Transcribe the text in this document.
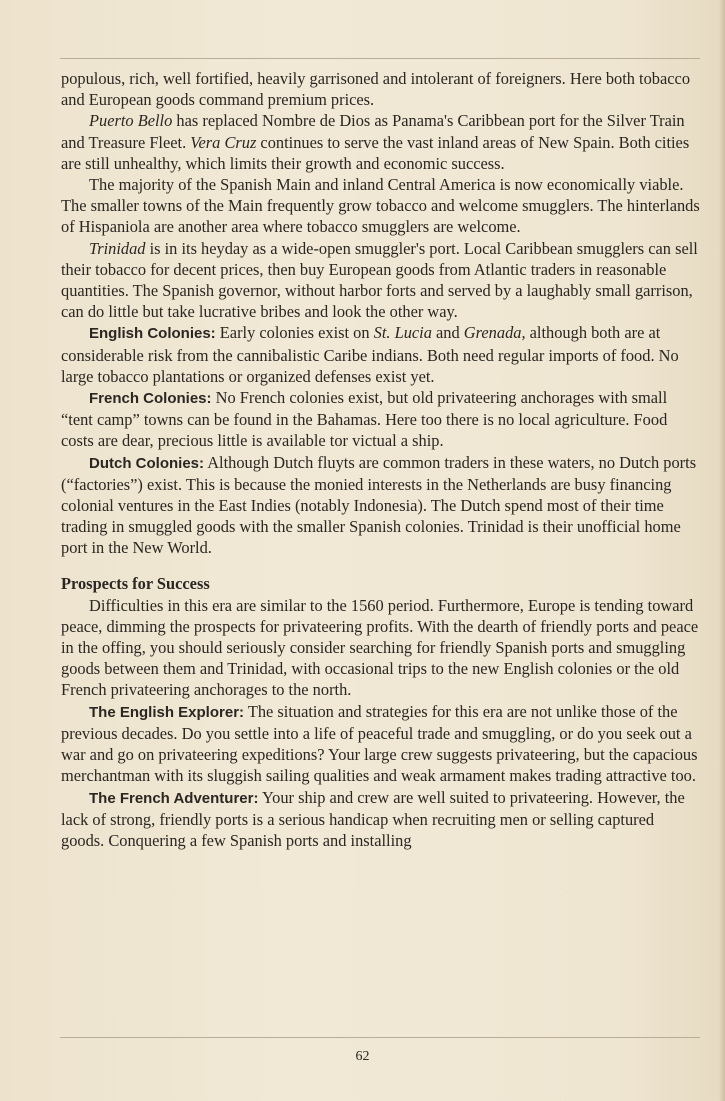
populous, rich, well fortified, heavily garrisoned and intolerant of foreigners. Here both tobacco and European goods command premium prices.

Puerto Bello has replaced Nombre de Dios as Panama's Caribbean port for the Silver Train and Treasure Fleet. Vera Cruz continues to serve the vast inland areas of New Spain. Both cities are still unhealthy, which limits their growth and economic success.

The majority of the Spanish Main and inland Central America is now economically viable. The smaller towns of the Main frequently grow tobacco and welcome smugglers. The hinterlands of Hispaniola are another area where tobacco smugglers are welcome.

Trinidad is in its heyday as a wide-open smuggler's port. Local Caribbean smugglers can sell their tobacco for decent prices, then buy European goods from Atlantic traders in reasonable quantities. The Spanish governor, without harbor forts and served by a laughably small garrison, can do little but take lucrative bribes and look the other way.

English Colonies: Early colonies exist on St. Lucia and Grenada, although both are at considerable risk from the cannibalistic Caribe indians. Both need regular imports of food. No large tobacco plantations or organized defenses exist yet.

French Colonies: No French colonies exist, but old privateering anchorages with small “tent camp” towns can be found in the Bahamas. Here too there is no local agriculture. Food costs are dear, precious little is available tor victual a ship.

Dutch Colonies: Although Dutch fluyts are common traders in these waters, no Dutch ports (“factories”) exist. This is because the monied interests in the Netherlands are busy financing colonial ventures in the East Indies (notably Indonesia). The Dutch spend most of their time trading in smuggled goods with the smaller Spanish colonies. Trinidad is their unofficial home port in the New World.

Prospects for Success

Difficulties in this era are similar to the 1560 period. Furthermore, Europe is tending toward peace, dimming the prospects for privateering profits. With the dearth of friendly ports and peace in the offing, you should seriously consider searching for friendly Spanish ports and smuggling goods between them and Trinidad, with occasional trips to the new English colonies or the old French privateering anchorages to the north.

The English Explorer: The situation and strategies for this era are not unlike those of the previous decades. Do you settle into a life of peaceful trade and smuggling, or do you seek out a war and go on privateering expeditions? Your large crew suggests privateering, but the capacious merchantman with its sluggish sailing qualities and weak armament makes trading attractive too.

The French Adventurer: Your ship and crew are well suited to privateering. However, the lack of strong, friendly ports is a serious handicap when recruiting men or selling captured goods. Conquering a few Spanish ports and installing

62
